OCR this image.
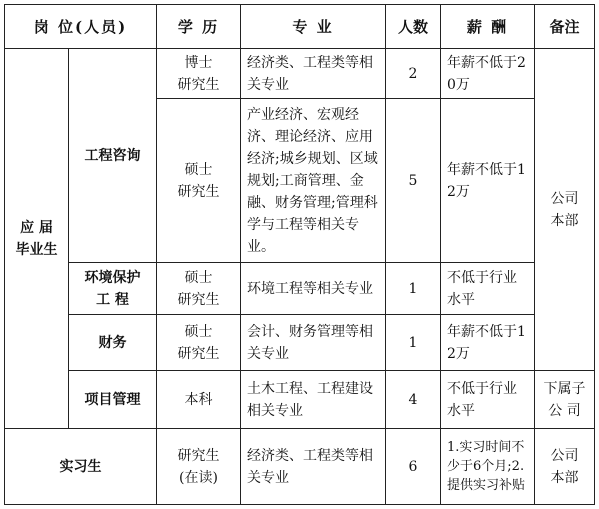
岗 位(人员)		学 历	专 业	人数	薪 酬	备注

应 届 毕业生	工程咨询	博士 研究生	经济类、工程类等相关专业	2	年薪不低于20万	公司 本部

		硕士 研究生	产业经济、宏观经济、理论经济、应用经济;城乡规划、区域规划;工商管理、金融、财务管理;管理科学与工程等相关专业。	5	年薪不低于12万	

	环境保护 工 程	硕士 研究生	环境工程等相关专业	1	不低于行业水平	
	财务	硕士 研究生	会计、财务管理等相关专业	1	年薪不低于12万	
	项目管理	本科	土木工程、工程建设相关专业	4	不低于行业水平	下属子 公 司

实习生		研究生 (在读)	经济类、工程类等相关专业	6	1.实习时间不少于6个月;2.提供实习补贴	公司 本部
